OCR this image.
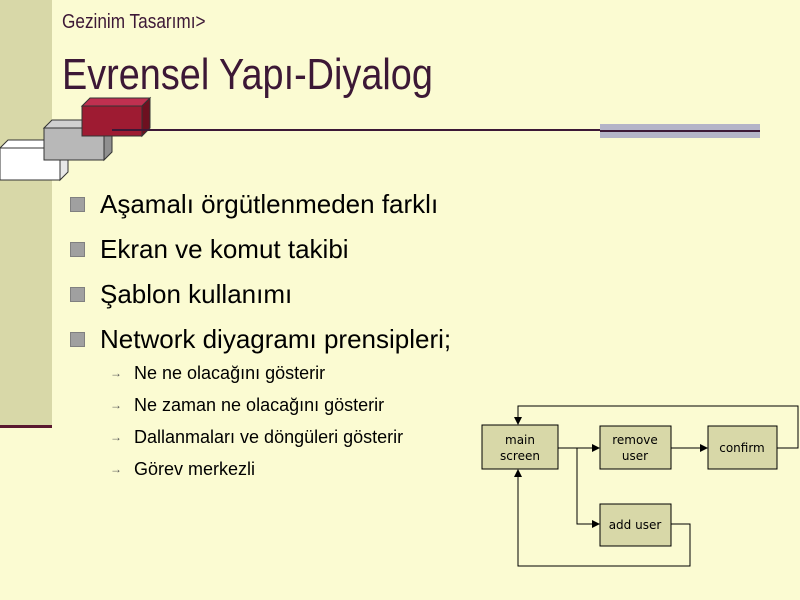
Gezinim Tasarımı>
Evrensel Yapı-Diyalog
Aşamalı örgütlenmeden farklı
Ekran ve komut takibi
Şablon kullanımı
Network diyagramı prensipleri;
→ Ne ne olacağını gösterir
→ Ne zaman ne olacağını gösterir
→ Dallanmaları ve döngüleri gösterir
→ Görev merkezli
main
screen
remove
user
confirm
add user
